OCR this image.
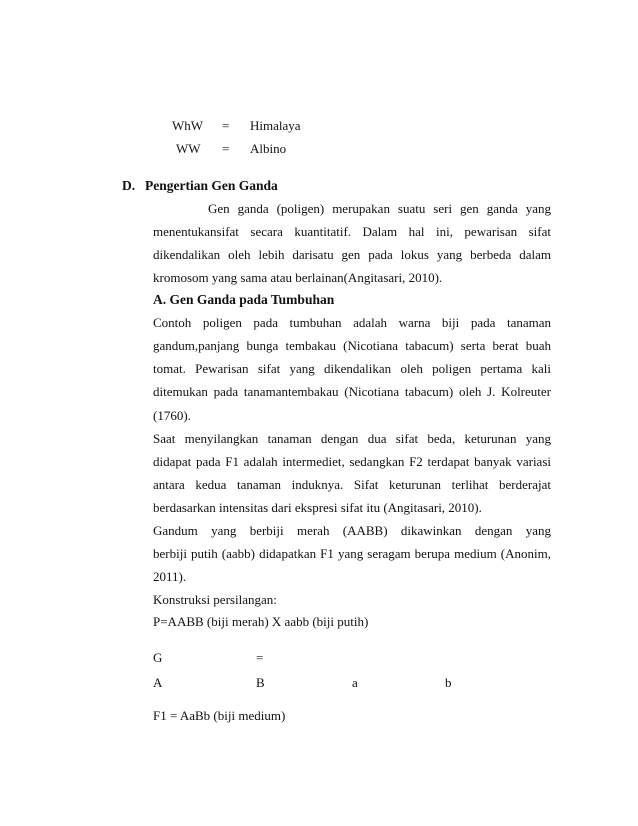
WhW = Himalaya
WW = Albino
D. Pengertian Gen Ganda
Gen ganda (poligen) merupakan suatu seri gen ganda yang
menentukansifat secara kuantitatif. Dalam hal ini, pewarisan sifat
dikendalikan oleh lebih darisatu gen pada lokus yang berbeda dalam
kromosom yang sama atau berlainan(Angitasari, 2010).
A. Gen Ganda pada Tumbuhan
Contoh poligen pada tumbuhan adalah warna biji pada tanaman
gandum,panjang bunga tembakau (Nicotiana tabacum) serta berat buah
tomat. Pewarisan sifat yang dikendalikan oleh poligen pertama kali
ditemukan pada tanamantembakau (Nicotiana tabacum) oleh J. Kolreuter
(1760).
Saat menyilangkan tanaman dengan dua sifat beda, keturunan yang
didapat pada F1 adalah intermediet, sedangkan F2 terdapat banyak variasi
antara kedua tanaman induknya. Sifat keturunan terlihat berderajat
berdasarkan intensitas dari ekspresi sifat itu (Angitasari, 2010).
Gandum yang berbiji merah (AABB) dikawinkan dengan yang
berbiji putih (aabb) didapatkan F1 yang seragam berupa medium (Anonim,
2011).
Konstruksi persilangan:
P=AABB (biji merah) X aabb (biji putih)
G	=
A	B	a	b
F1 = AaBb (biji medium)
